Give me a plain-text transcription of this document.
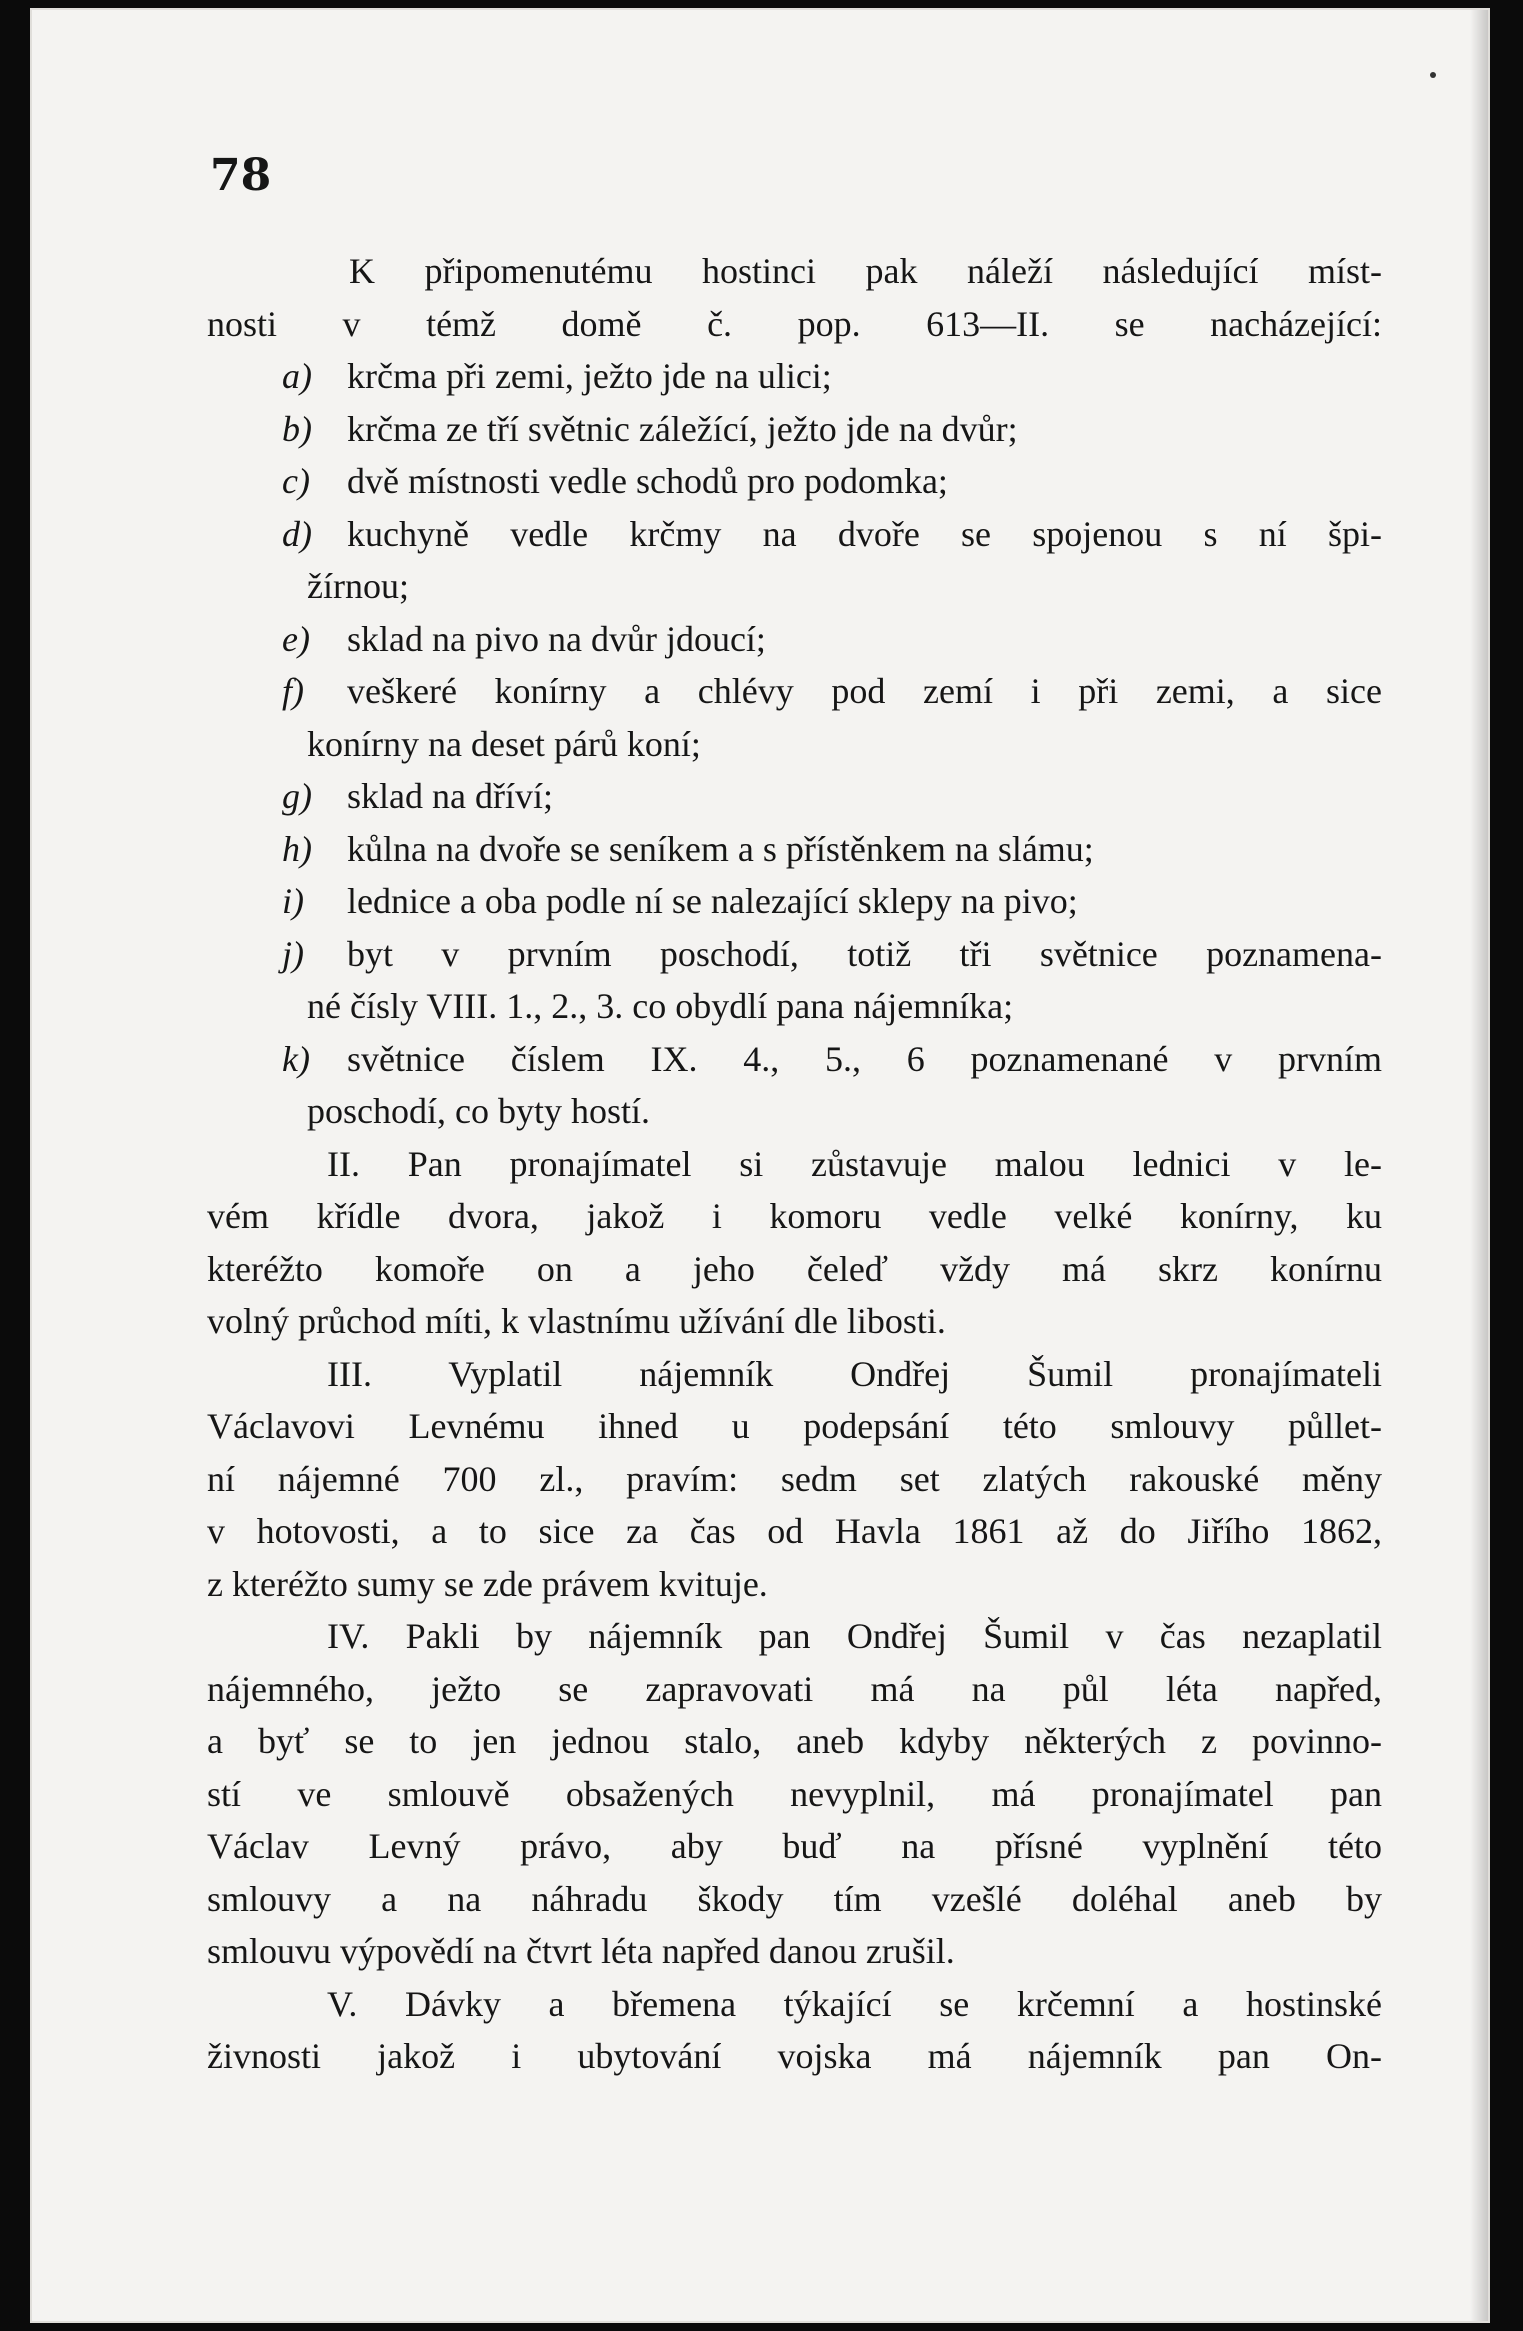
78
K připomenutému hostinci pak náleží následující míst-
nosti v témž domě č. pop. 613—II. se nacházející:
a) krčma při zemi, ježto jde na ulici;
b) krčma ze tří světnic záležící, ježto jde na dvůr;
c)	dvě místnosti vedle schodů pro podomka;
d) kuchyně vedle krčmy na dvoře se spojenou s ní špi-
žírnou;
e)	sklad na pivo na dvůr jdoucí;
f)	veškeré konírny a chlévy pod zemí i při zemi, a sice
konírny na deset párů koní;
g) sklad na dříví;
h) kůlna na dvoře se seníkem a s přístěnkem na slámu;
i)	lednice a oba podle ní se nalezající sklepy na pivo;
j)	byt v prvním poschodí, totiž tři světnice poznamena-
né čísly VIII. 1., 2., 3. co obydlí pana nájemníka;
k)	světnice číslem IX. 4., 5., 6 poznamenané v prvním
poschodí, co byty hostí.
II. Pan pronajímatel si zůstavuje malou lednici v le-
vém křídle dvora, jakož i komoru vedle velké konírny, ku
kteréžto komoře on a jeho čeleď vždy má skrz konírnu
volný průchod míti, k vlastnímu užívání dle libosti.
III. Vyplatil nájemník Ondřej Šumil pronajímateli
Václavovi Levnému ihned u podepsání této smlouvy půllet-
ní nájemné 700 zl., pravím: sedm set zlatých rakouské měny
v hotovosti, a to sice za čas od Havla 1861 až do Jiřího 1862,
z kteréžto sumy se zde právem kvituje.
IV. Pakli by nájemník pan Ondřej Šumil v čas nezaplatil
nájemného, ježto se zapravovati má na půl léta napřed,
a byť se to jen jednou stalo, aneb kdyby některých z povinno-
stí ve smlouvě obsažených nevyplnil, má pronajímatel pan
Václav Levný právo, aby buď na přísné vyplnění této
smlouvy a na náhradu škody tím vzešlé doléhal aneb by
smlouvu výpovědí na čtvrt léta napřed danou zrušil.
V. Dávky a břemena týkající se krčemní a hostinské
živnosti jakož i ubytování vojska má nájemník pan On-
